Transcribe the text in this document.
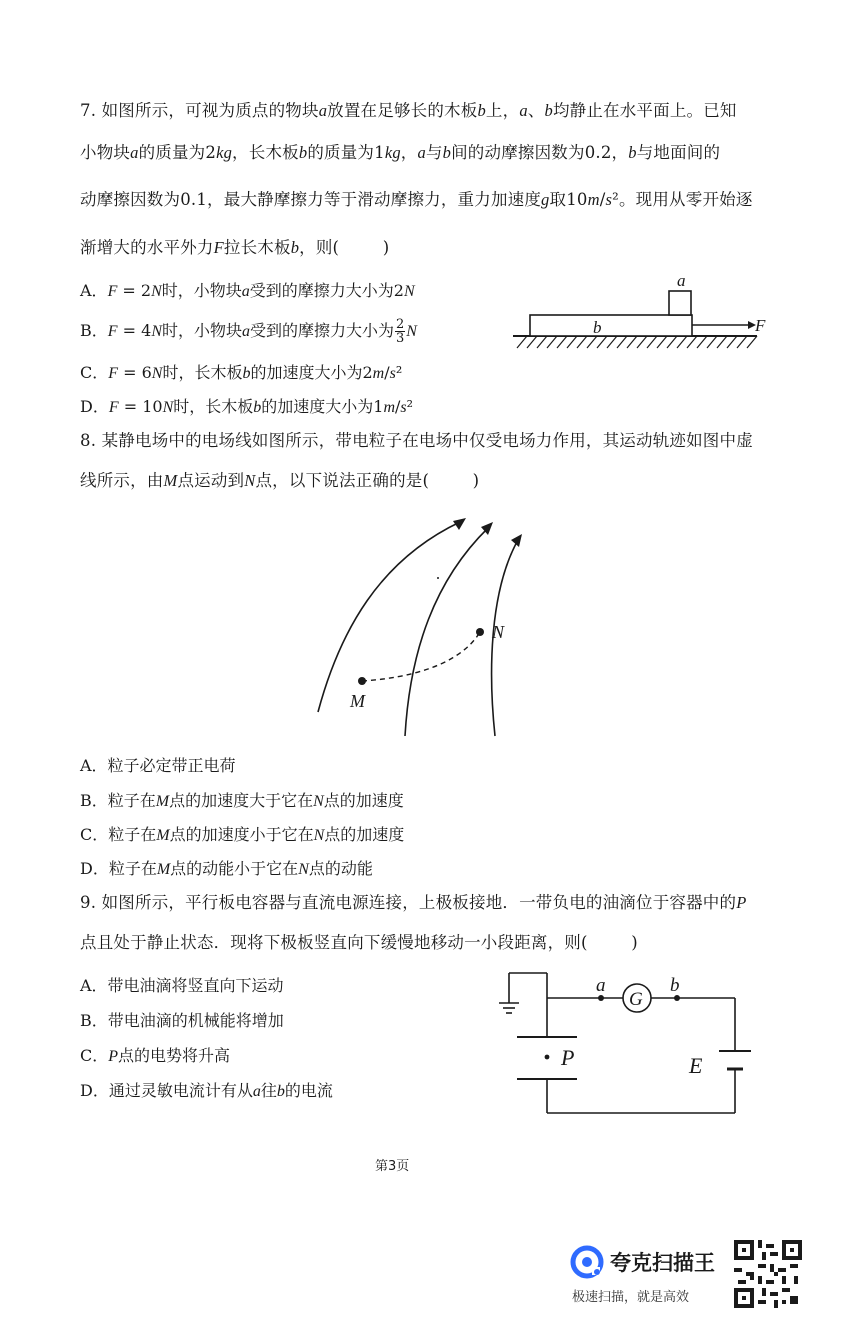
7. 如图所示，可视为质点的物块a放置在足够长的木板b上，a、b均静止在水平面上。已知
小物块a的质量为2kg，长木板b的质量为1kg，a与b间的动摩擦因数为0.2，b与地面间的
动摩擦因数为0.1，最大静摩擦力等于滑动摩擦力，重力加速度g取10m/s²。现用从零开始逐
渐增大的水平外力F拉长木板b，则(        )
A．F = 2N时，小物块a受到的摩擦力大小为2N
B．F = 4N时，小物块a受到的摩擦力大小为 $\frac{2}{3}$ N
C．F = 6N时，长木板b的加速度大小为2m/s²
D．F = 10N时，长木板b的加速度大小为1m/s²
a
b	F
8. 某静电场中的电场线如图所示，带电粒子在电场中仅受电场力作用，其运动轨迹如图中虚
线所示，由M点运动到N点，以下说法正确的是(        )
M
N
A．粒子必定带正电荷
B．粒子在M点的加速度大于它在N点的加速度
C．粒子在M点的加速度小于它在N点的加速度
D．粒子在M点的动能小于它在N点的动能
9. 如图所示，平行板电容器与直流电源连接，上极板接地．一带负电的油滴位于容器中的P
点且处于静止状态．现将下极板竖直向下缓慢地移动一小段距离，则(        )
A．带电油滴将竖直向下运动
B．带电油滴的机械能将增加
C．P点的电势将升高
D．通过灵敏电流计有从a往b的电流
G
a	b
P	E
第3页
夸克扫描王
极速扫描，就是高效
